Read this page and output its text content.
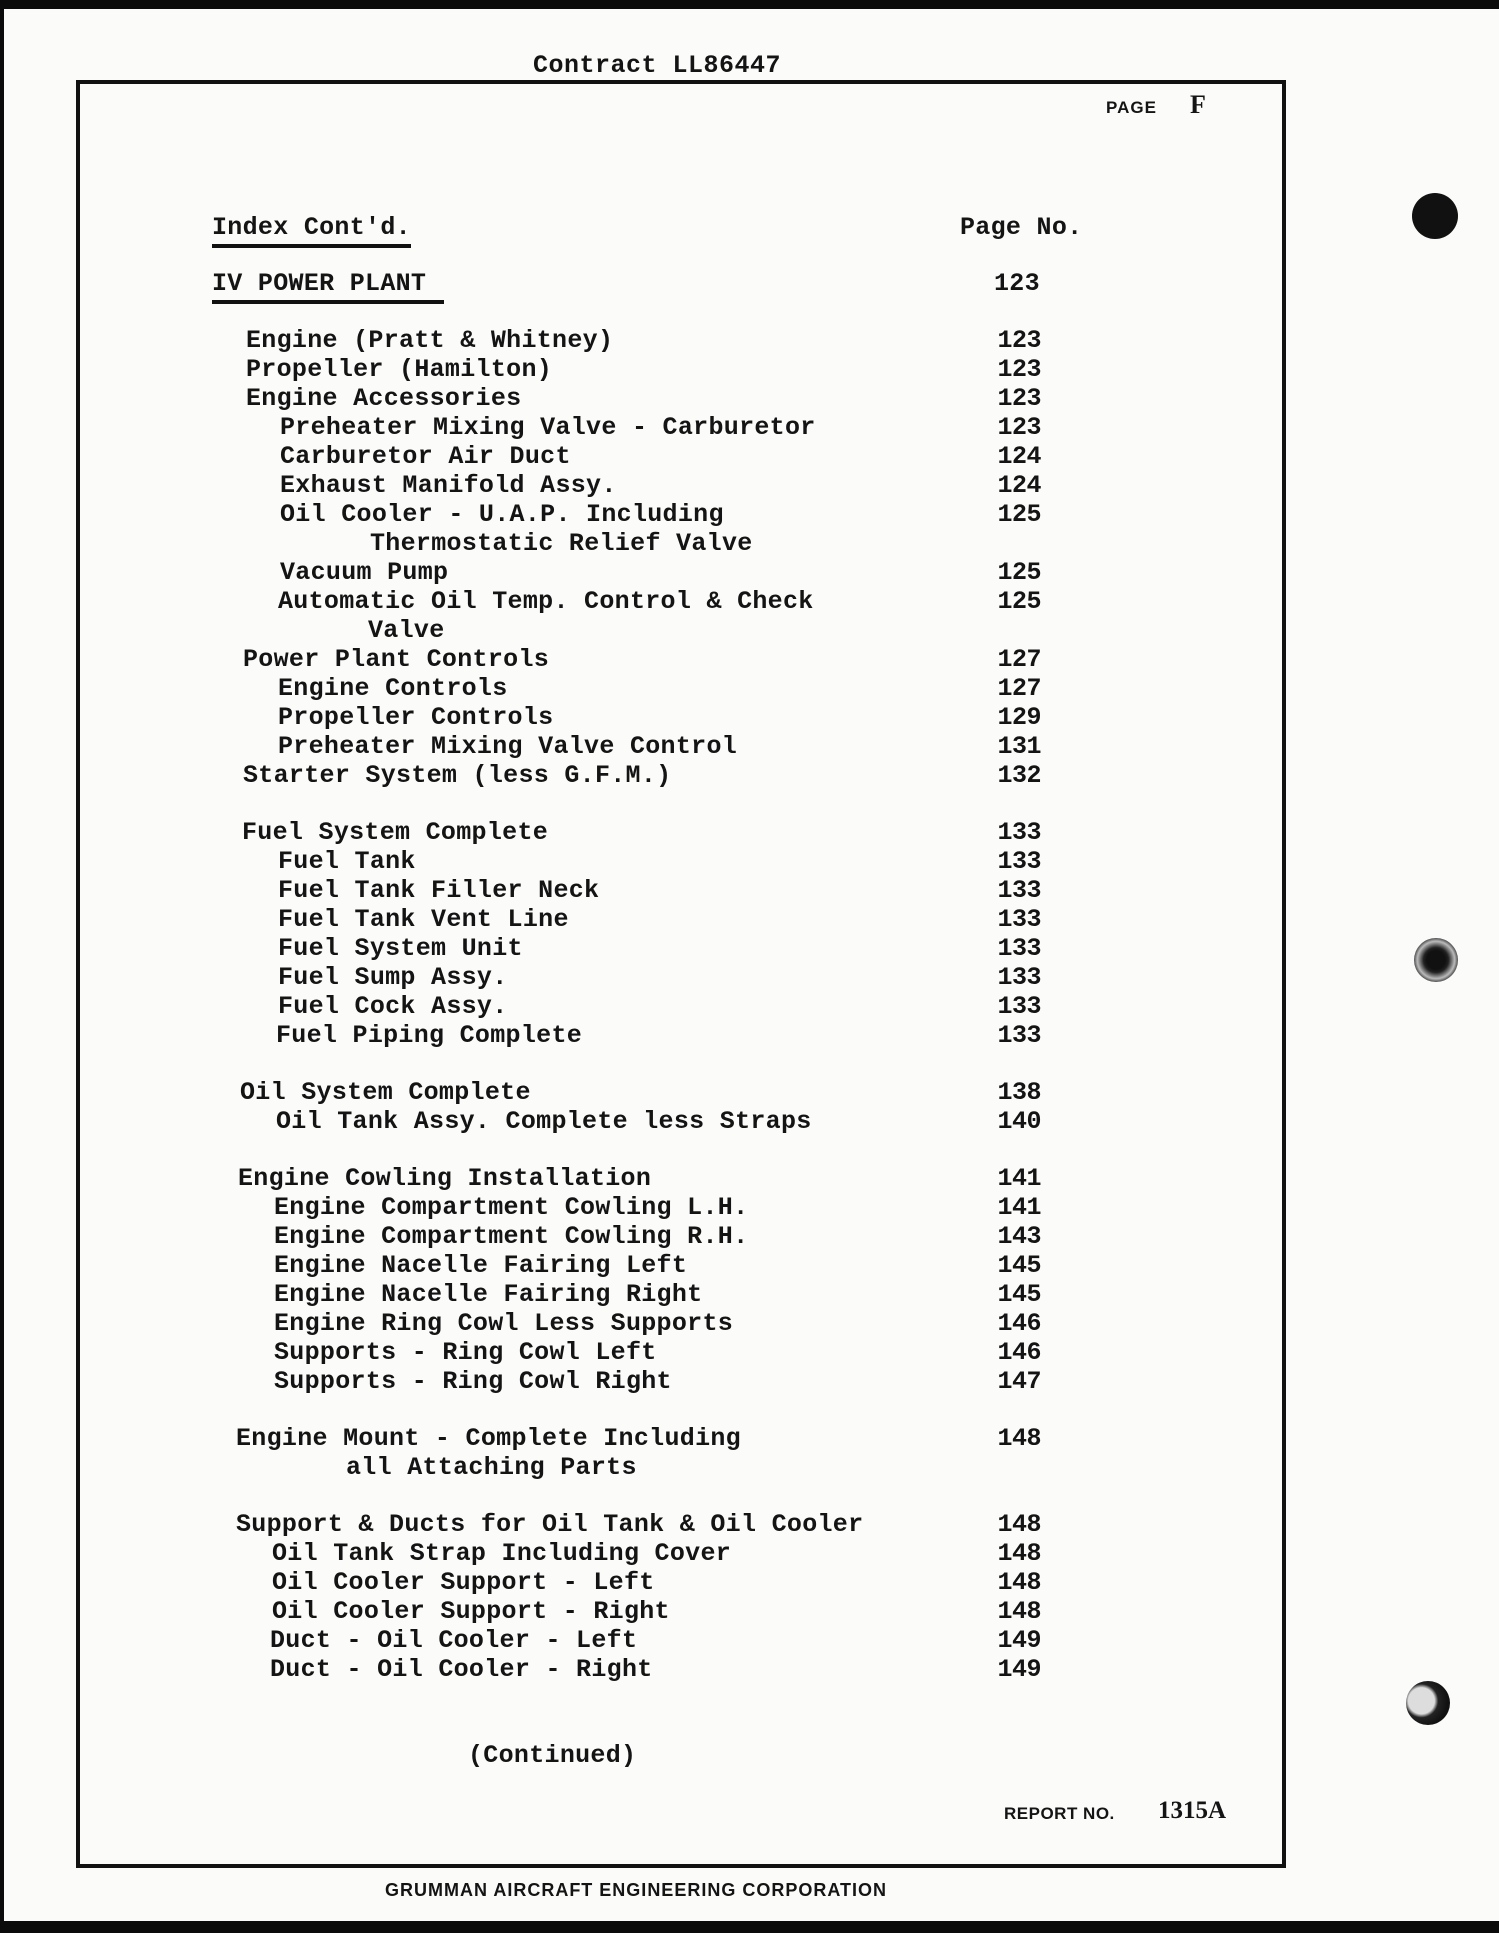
Contract LL86447
PAGE F
Index Cont'd.	Page No.
IV POWER PLANT	123
Engine (Pratt & Whitney)	123
Propeller (Hamilton)	123
Engine Accessories	123
Preheater Mixing Valve - Carburetor	123
Carburetor Air Duct	124
Exhaust Manifold Assy.	124
Oil Cooler - U.A.P. Including	125
Thermostatic Relief Valve
Vacuum Pump	125
Automatic Oil Temp. Control & Check	125
Valve
Power Plant Controls	127
Engine Controls	127
Propeller Controls	129
Preheater Mixing Valve Control	131
Starter System (less G.F.M.)	132
Fuel System Complete	133
Fuel Tank	133
Fuel Tank Filler Neck	133
Fuel Tank Vent Line	133
Fuel System Unit	133
Fuel Sump Assy.	133
Fuel Cock Assy.	133
Fuel Piping Complete	133
Oil System Complete	138
Oil Tank Assy. Complete less Straps	140
Engine Cowling Installation	141
Engine Compartment Cowling L.H.	141
Engine Compartment Cowling R.H.	143
Engine Nacelle Fairing Left	145
Engine Nacelle Fairing Right	145
Engine Ring Cowl Less Supports	146
Supports - Ring Cowl Left	146
Supports - Ring Cowl Right	147
Engine Mount - Complete Including	148
all Attaching Parts
Support & Ducts for Oil Tank & Oil Cooler	148
Oil Tank Strap Including Cover	148
Oil Cooler Support - Left	148
Oil Cooler Support - Right	148
Duct - Oil Cooler - Left	149
Duct - Oil Cooler - Right	149
(Continued)
REPORT NO. 1315A
GRUMMAN AIRCRAFT ENGINEERING CORPORATION
